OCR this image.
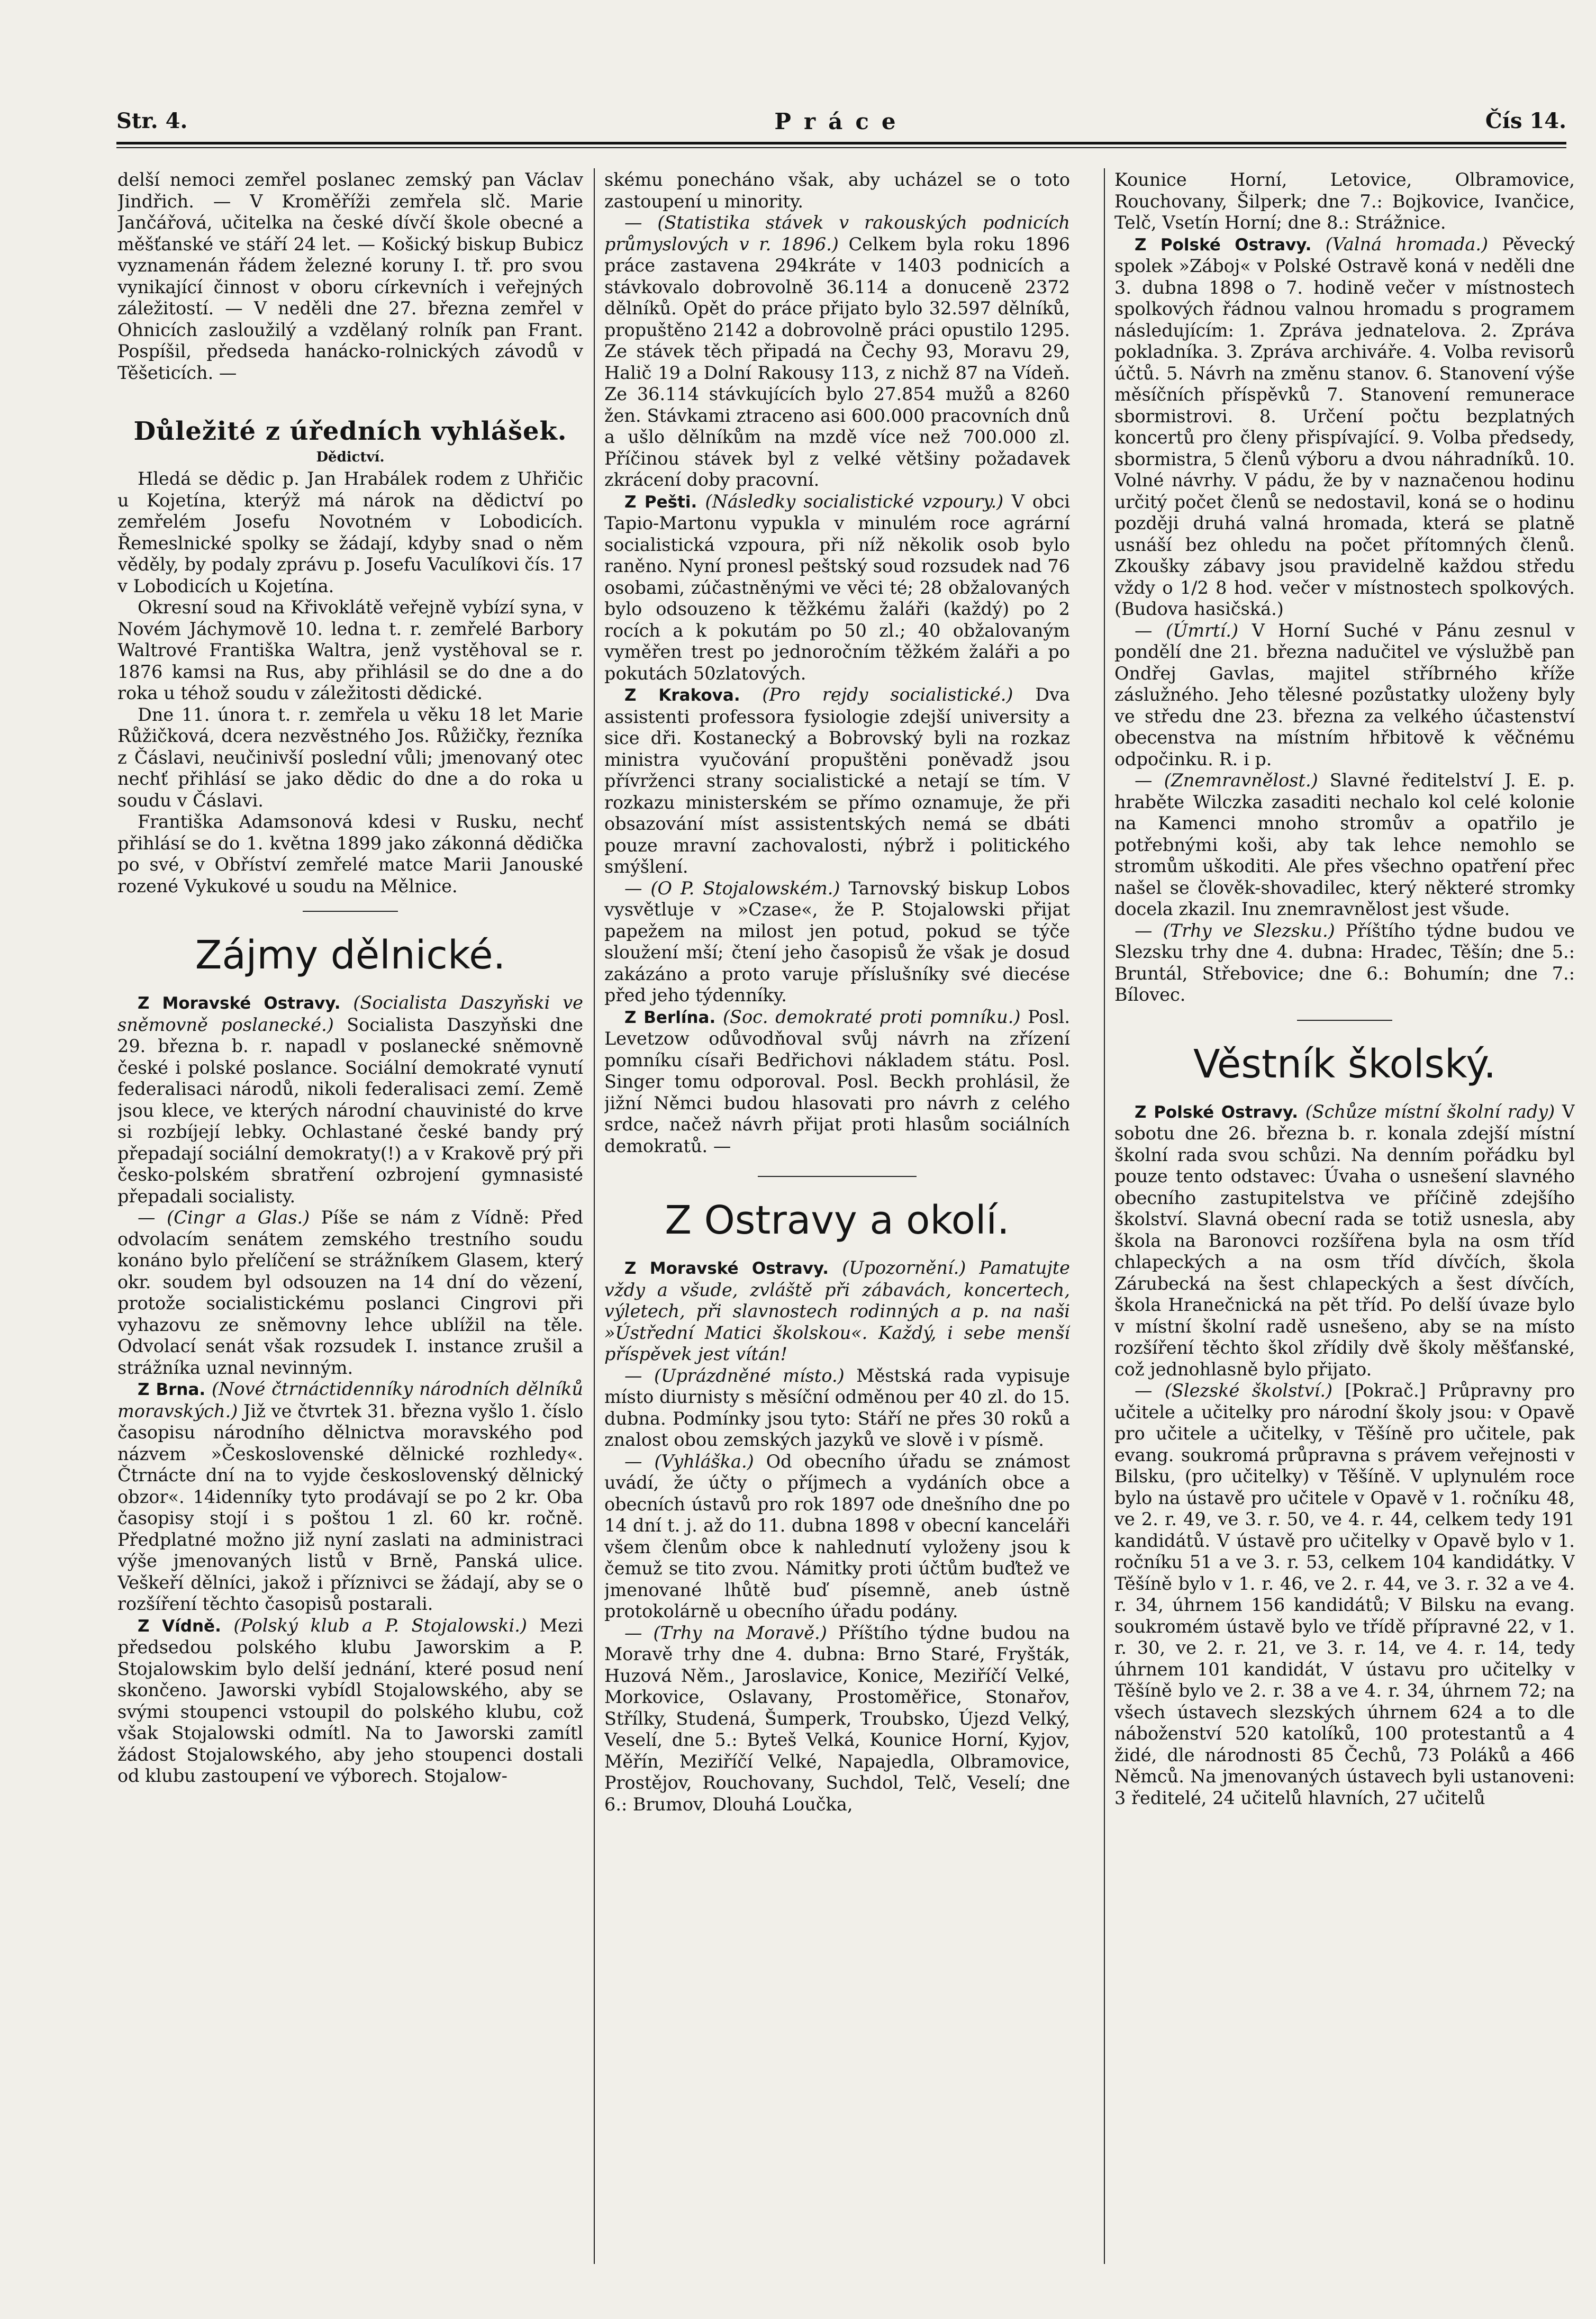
Str. 4.	Práce	Čís 14.

delší nemoci zemřel poslanec zemský pan Václav Jindřich. — V Kroměříži zemřela slč. Marie Jančářová, učitelka na české dívčí škole obecné a měšťanské ve stáří 24 let. — Košický biskup Bubicz vyznamenán řádem železné koruny I. tř. pro svou vynikající činnost v oboru církevních i veřejných záležitostí. — V neděli dne 27. března zemřel v Ohnicích zasloužilý a vzdělaný rolník pan Frant. Pospíšil, předseda hanácko-rolnických závodů v Těšeticích. —

Důležité z úředních vyhlášek.
Dědictví.

Hledá se dědic p. Jan Hrabálek rodem z Uhřičic u Kojetína, kterýž má nárok na dědictví po zemřelém Josefu Novotném v Lobodicích. Řemeslnické spolky se žádají, kdyby snad o něm věděly, by podaly zprávu p. Josefu Vaculíkovi čís. 17 v Lobodicích u Kojetína.

Okresní soud na Křivoklátě veřejně vybízí syna, v Novém Jáchymově 10. ledna t. r. zemřelé Barbory Waltrové Františka Waltra, jenž vystěhoval se r. 1876 kamsi na Rus, aby přihlásil se do dne a do roka u téhož soudu v záležitosti dědické.

Dne 11. února t. r. zemřela u věku 18 let Marie Růžičková, dcera nezvěstného Jos. Růžičky, řezníka z Čáslavi, neučinivší poslední vůli; jmenovaný otec nechť přihlásí se jako dědic do dne a do roka u soudu v Čáslavi.

Františka Adamsonová kdesi v Rusku, nechť přihlásí se do 1. května 1899 jako zákonná dědička po své, v Obříství zemřelé matce Marii Janouské rozené Vykukové u soudu na Mělnice.

Zájmy dělnické.

Z Moravské Ostravy. (Socialista Daszyňski ve sněmovně poslanecké.) Socialista Daszyňski dne 29. března b. r. napadl v poslanecké sněmovně české i polské poslance. Sociální demokraté vynutí federalisaci národů, nikoli federalisaci zemí. Země jsou klece, ve kterých národní chauvinisté do krve si rozbíjejí lebky. Ochlastané české bandy prý přepadají sociální demokraty(!) a v Krakově prý při česko-polském sbratření ozbrojení gymnasisté přepadali socialisty.

— (Cingr a Glas.) Píše se nám z Vídně: Před odvolacím senátem zemského trestního soudu konáno bylo přelíčení se strážníkem Glasem, který okr. soudem byl odsouzen na 14 dní do vězení, protože socialistickému poslanci Cingrovi při vyhazovu ze sněmovny lehce ublížil na těle. Odvolací senát však rozsudek I. instance zrušil a strážníka uznal nevinným.

Z Brna. (Nové čtrnáctidenníky národních dělníků moravských.) Již ve čtvrtek 31. března vyšlo 1. číslo časopisu národního dělnictva moravského pod názvem »Československé dělnické rozhledy«. Čtrnácte dní na to vyjde československý dělnický obzor«. 14idenníky tyto prodávají se po 2 kr. Oba časopisy stojí i s poštou 1 zl. 60 kr. ročně. Předplatné možno již nyní zaslati na administraci výše jmenovaných listů v Brně, Panská ulice. Veškeří dělníci, jakož i příznivci se žádají, aby se o rozšíření těchto časopisů postarali.

Z Vídně. (Polský klub a P. Stojalowski.) Mezi předsedou polského klubu Jaworskim a P. Stojalowskim bylo delší jednání, které posud není skončeno. Jaworski vybídl Stojalowského, aby se svými stoupenci vstoupil do polského klubu, což však Stojalowski odmítl. Na to Jaworski zamítl žádost Stojalowského, aby jeho stoupenci dostali od klubu zastoupení ve výborech. Stojalow-

skému ponecháno však, aby ucházel se o toto zastoupení u minority.

— (Statistika stávek v rakouských podnicích průmyslových v r. 1896.) Celkem byla roku 1896 práce zastavena 294kráte v 1403 podnicích a stávkovalo dobrovolně 36.114 a donuceně 2372 dělníků. Opět do práce přijato bylo 32.597 dělníků, propuštěno 2142 a dobrovolně práci opustilo 1295. Ze stávek těch připadá na Čechy 93, Moravu 29, Halič 19 a Dolní Rakousy 113, z nichž 87 na Vídeň. Ze 36.114 stávkujících bylo 27.854 mužů a 8260 žen. Stávkami ztraceno asi 600.000 pracovních dnů a ušlo dělníkům na mzdě více než 700.000 zl. Příčinou stávek byl z velké většiny požadavek zkrácení doby pracovní.

Z Pešti. (Následky socialistické vzpoury.) V obci Tapio-Martonu vypukla v minulém roce agrární socialistická vzpoura, při níž několik osob bylo raněno. Nyní pronesl peštský soud rozsudek nad 76 osobami, zúčastněnými ve věci té; 28 obžalovaných bylo odsouzeno k těžkému žaláři (každý) po 2 rocích a k pokutám po 50 zl.; 40 obžalovaným vyměřen trest po jednoročním těžkém žaláři a po pokutách 50zlatových.

Z Krakova. (Pro rejdy socialistické.) Dva assistenti professora fysiologie zdejší university a sice dři. Kostanecký a Bobrovský byli na rozkaz ministra vyučování propuštěni poněvadž jsou přívrženci strany socialistické a netají se tím. V rozkazu ministerském se přímo oznamuje, že při obsazování míst assistentských nemá se dbáti pouze mravní zachovalosti, nýbrž i politického smýšlení.

— (O P. Stojalowském.) Tarnovský biskup Lobos vysvětluje v »Czase«, že P. Stojalowski přijat papežem na milost jen potud, pokud se týče sloužení mší; čtení jeho časopisů že však je dosud zakázáno a proto varuje příslušníky své diecése před jeho týdenníky.

Z Berlína. (Soc. demokraté proti pomníku.) Posl. Levetzow odůvodňoval svůj návrh na zřízení pomníku císaři Bedřichovi nákladem státu. Posl. Singer tomu odporoval. Posl. Beckh prohlásil, že jižní Němci budou hlasovati pro návrh z celého srdce, načež návrh přijat proti hlasům sociálních demokratů. —

Z Ostravy a okolí.

Z Moravské Ostravy. (Upozornění.) Pamatujte vždy a všude, zvláště při zábavách, koncertech, výletech, při slavnostech rodinných a p. na naši »Ústřední Matici školskou«. Každý, i sebe menší příspěvek jest vítán!

— (Uprázdněné místo.) Městská rada vypisuje místo diurnisty s měsíční odměnou per 40 zl. do 15. dubna. Podmínky jsou tyto: Stáří ne přes 30 roků a znalost obou zemských jazyků ve slově i v písmě.

— (Vyhláška.) Od obecního úřadu se známost uvádí, že účty o příjmech a vydáních obce a obecních ústavů pro rok 1897 ode dnešního dne po 14 dní t. j. až do 11. dubna 1898 v obecní kanceláři všem členům obce k nahlednutí vyloženy jsou k čemuž se tito zvou. Námitky proti účtům buďtež ve jmenované lhůtě buď písemně, aneb ústně protokolárně u obecního úřadu podány.

— (Trhy na Moravě.) Příštího týdne budou na Moravě trhy dne 4. dubna: Brno Staré, Fryšták, Huzová Něm., Jaroslavice, Konice, Meziříčí Velké, Morkovice, Oslavany, Prostoměřice, Stonařov, Střílky, Studená, Šumperk, Troubsko, Újezd Velký, Veselí, dne 5.: Byteš Velká, Kounice Horní, Kyjov, Měřín, Meziříčí Velké, Napajedla, Olbramovice, Prostějov, Rouchovany, Suchdol, Telč, Veselí; dne 6.: Brumov, Dlouhá Loučka,

Kounice Horní, Letovice, Olbramovice, Rouchovany, Šilperk; dne 7.: Bojkovice, Ivančice, Telč, Vsetín Horní; dne 8.: Strážnice.

Z Polské Ostravy. (Valná hromada.) Pěvecký spolek »Záboj« v Polské Ostravě koná v neděli dne 3. dubna 1898 o 7. hodině večer v místnostech spolkových řádnou valnou hromadu s programem následujícím: 1. Zpráva jednatelova. 2. Zpráva pokladníka. 3. Zpráva archiváře. 4. Volba revisorů účtů. 5. Návrh na změnu stanov. 6. Stanovení výše měsíčních příspěvků 7. Stanovení remunerace sbormistrovi. 8. Určení počtu bezplatných koncertů pro členy přispívající. 9. Volba předsedy, sbormistra, 5 členů výboru a dvou náhradníků. 10. Volné návrhy. V pádu, že by v naznačenou hodinu určitý počet členů se nedostavil, koná se o hodinu později druhá valná hromada, která se platně usnáší bez ohledu na počet přítomných členů. Zkoušky zábavy jsou pravidelně každou středu vždy o 1/2 8 hod. večer v místnostech spolkových. (Budova hasičská.)

— (Úmrtí.) V Horní Suché v Pánu zesnul v pondělí dne 21. března nadučitel ve výslužbě pan Ondřej Gavlas, majitel stříbrného kříže záslužného. Jeho tělesné pozůstatky uloženy byly ve středu dne 23. března za velkého účastenství obecenstva na místním hřbitově k věčnému odpočinku. R. i p.

— (Znemravnělost.) Slavné ředitelství J. E. p. hraběte Wilczka zasaditi nechalo kol celé kolonie na Kamenci mnoho stromův a opatřilo je potřebnými koši, aby tak lehce nemohlo se stromům uškoditi. Ale přes všechno opatření přec našel se člověk-shovadilec, který některé stromky docela zkazil. Inu znemravnělost jest všude.

— (Trhy ve Slezsku.) Příštího týdne budou ve Slezsku trhy dne 4. dubna: Hradec, Těšín; dne 5.: Bruntál, Střebovice; dne 6.: Bohumín; dne 7.: Bílovec.

Věstník školský.

Z Polské Ostravy. (Schůze místní školní rady) V sobotu dne 26. března b. r. konala zdejší místní školní rada svou schůzi. Na denním pořádku byl pouze tento odstavec: Úvaha o usnešení slavného obecního zastupitelstva ve příčině zdejšího školství. Slavná obecní rada se totiž usnesla, aby škola na Baronovci rozšířena byla na osm tříd chlapeckých a na osm tříd dívčích, škola Zárubecká na šest chlapeckých a šest dívčích, škola Hranečnická na pět tříd. Po delší úvaze bylo v místní školní radě usnešeno, aby se na místo rozšíření těchto škol zřídily dvě školy měšťanské, což jednohlasně bylo přijato.

— (Slezské školství.) [Pokrač.] Průpravny pro učitele a učitelky pro národní školy jsou: v Opavě pro učitele a učitelky, v Těšíně pro učitele, pak evang. soukromá průpravna s právem veřejnosti v Bilsku, (pro učitelky) v Těšíně. V uplynulém roce bylo na ústavě pro učitele v Opavě v 1. ročníku 48, ve 2. r. 49, ve 3. r. 50, ve 4. r. 44, celkem tedy 191 kandidátů. V ústavě pro učitelky v Opavě bylo v 1. ročníku 51 a ve 3. r. 53, celkem 104 kandidátky. V Těšíně bylo v 1. r. 46, ve 2. r. 44, ve 3. r. 32 a ve 4. r. 34, úhrnem 156 kandidátů; V Bilsku na evang. soukromém ústavě bylo ve třídě přípravné 22, v 1. r. 30, ve 2. r. 21, ve 3. r. 14, ve 4. r. 14, tedy úhrnem 101 kandidát, V ústavu pro učitelky v Těšíně bylo ve 2. r. 38 a ve 4. r. 34, úhrnem 72; na všech ústavech slezských úhrnem 624 a to dle náboženství 520 katolíků, 100 protestantů a 4 židé, dle národnosti 85 Čechů, 73 Poláků a 466 Němců. Na jmenovaných ústavech byli ustanoveni: 3 ředitelé, 24 učitelů hlavních, 27 učitelů
